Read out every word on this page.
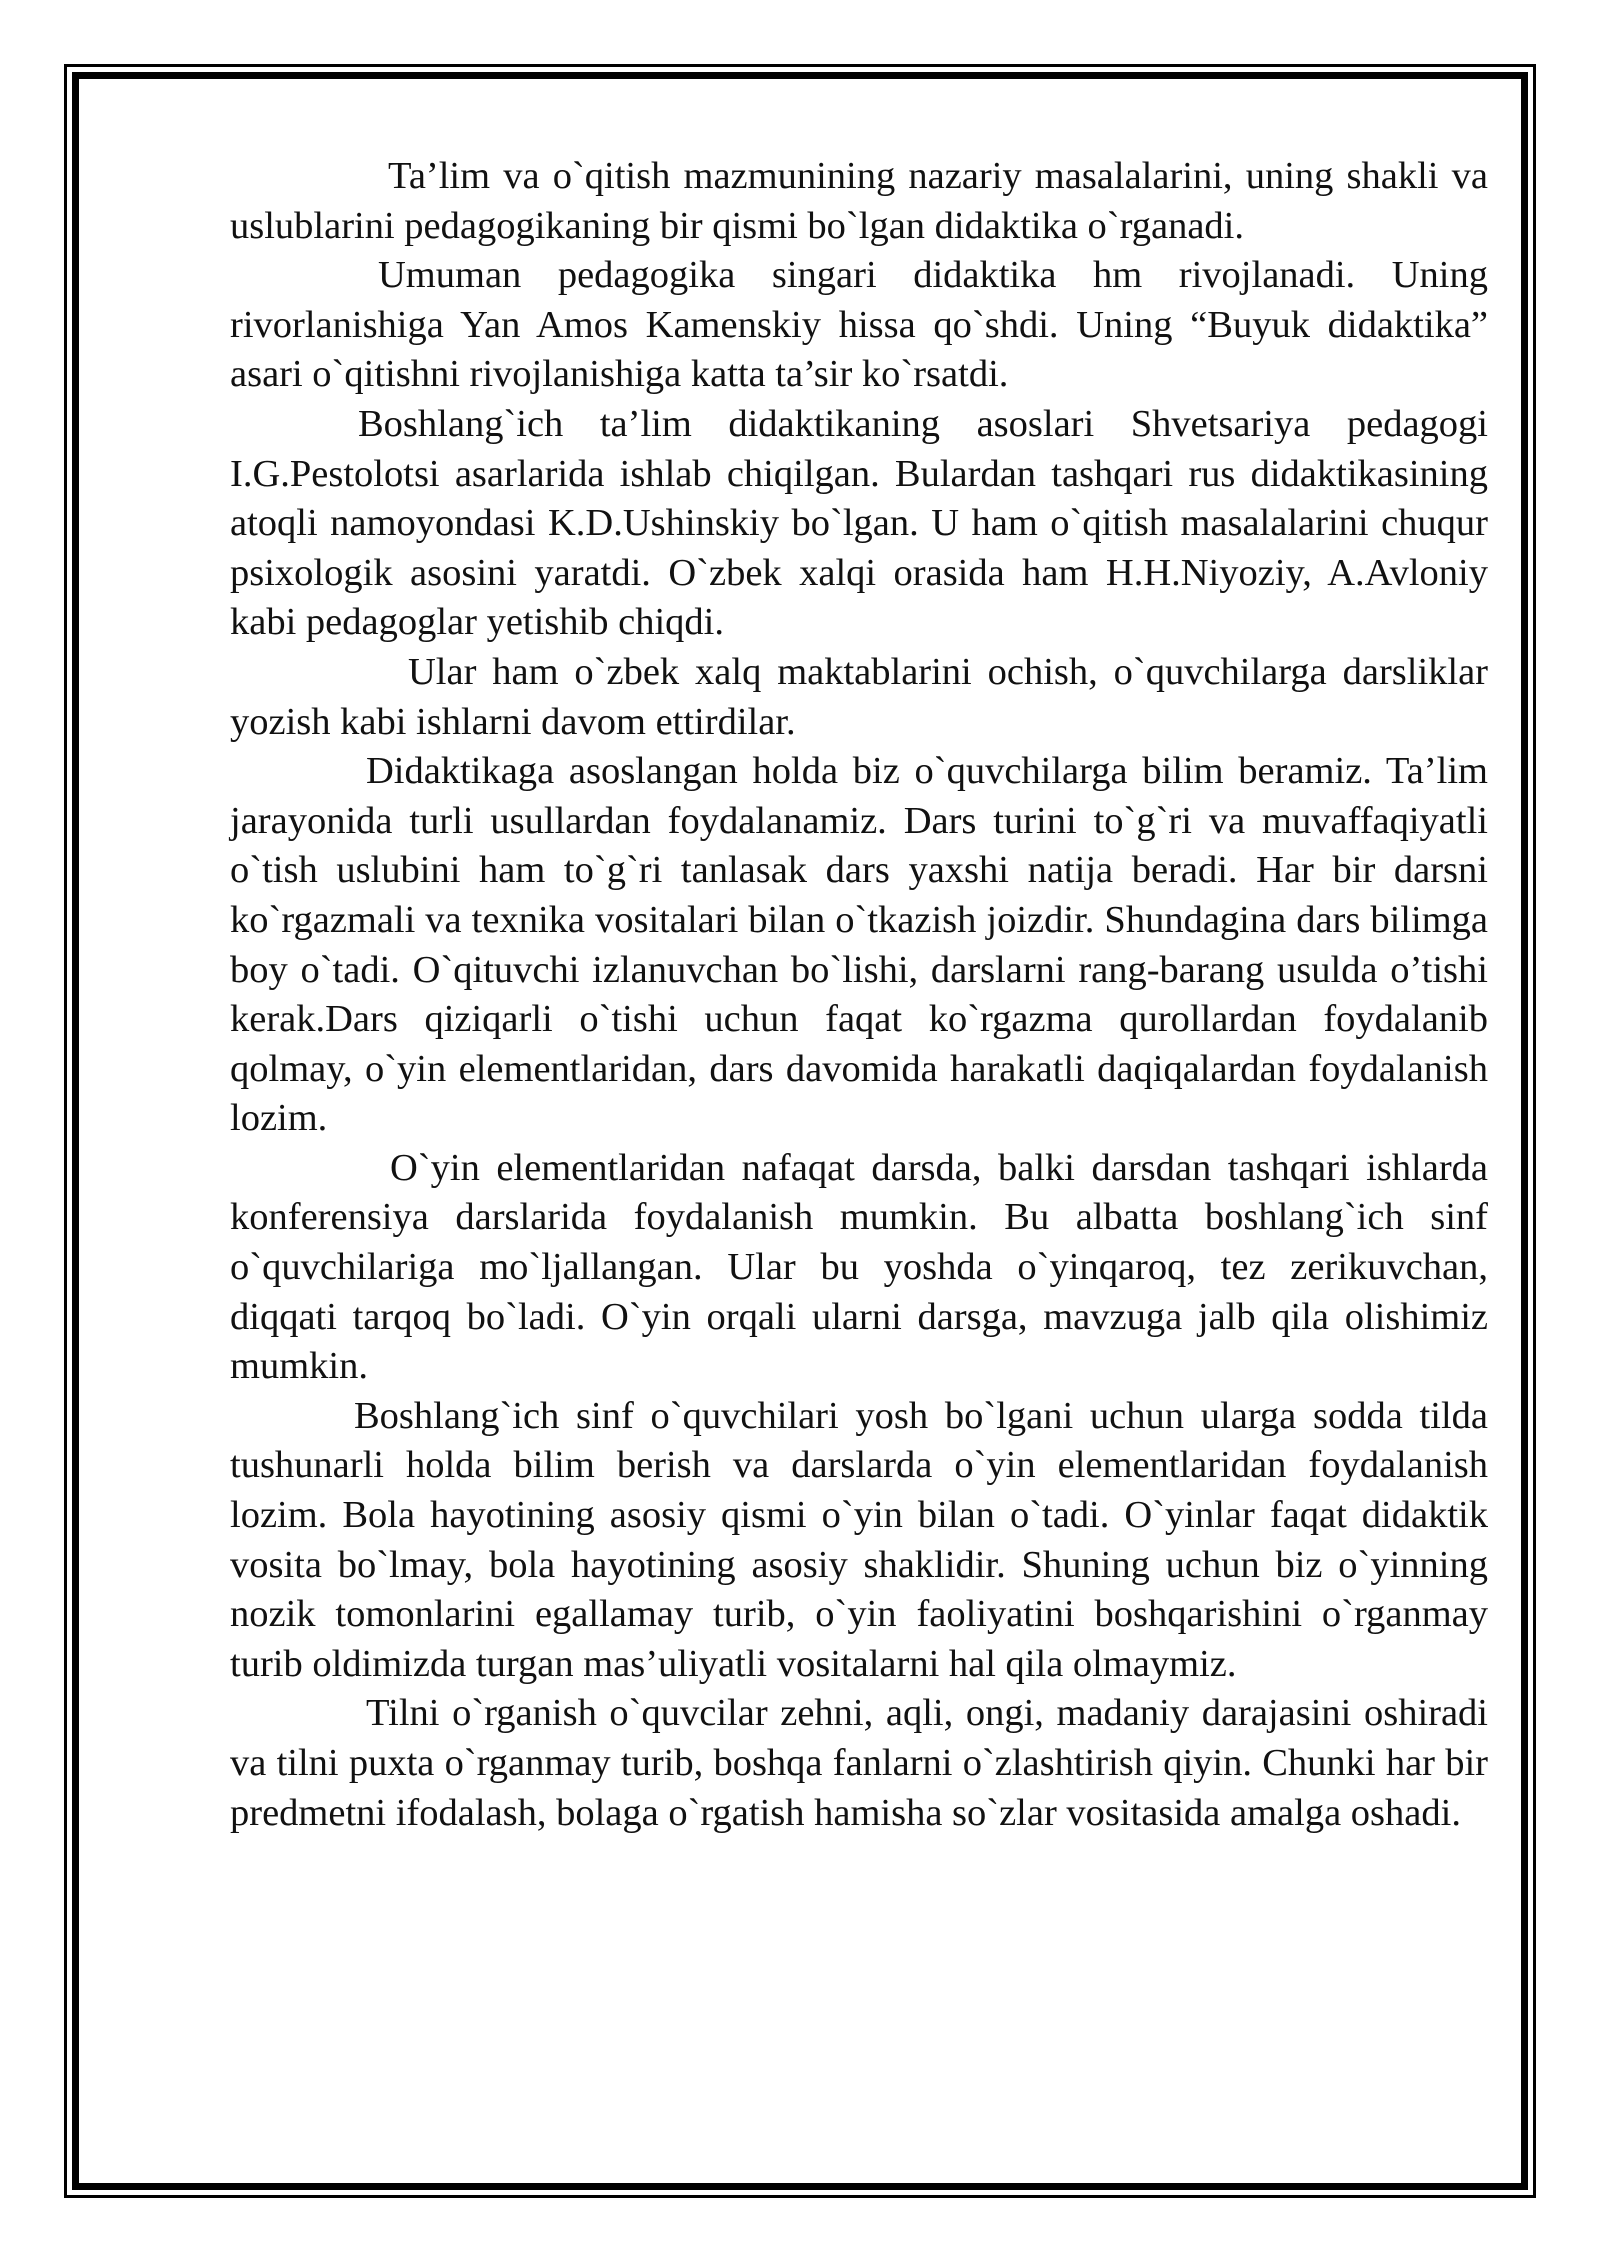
Ta’lim va o`qitish mazmunining nazariy masalalarini, uning shakli va uslublarini pedagogikaning bir qismi bo`lgan didaktika o`rganadi.

Umuman pedagogika singari didaktika hm rivojlanadi. Uning rivorlanishiga Yan Amos Kamenskiy hissa qo`shdi. Uning “Buyuk didaktika” asari o`qitishni rivojlanishiga katta ta’sir ko`rsatdi.

Boshlang`ich ta’lim didaktikaning asoslari Shvetsariya pedagogi I.G.Pestolotsi asarlarida ishlab chiqilgan. Bulardan tashqari rus didaktikasining atoqli namoyondasi K.D.Ushinskiy bo`lgan. U ham o`qitish masalalarini chuqur psixologik asosini yaratdi. O`zbek xalqi orasida ham H.H.Niyoziy, A.Avloniy kabi pedagoglar yetishib chiqdi.

Ular ham o`zbek xalq maktablarini ochish, o`quvchilarga darsliklar yozish kabi ishlarni davom ettirdilar.

Didaktikaga asoslangan holda biz o`quvchilarga bilim beramiz. Ta’lim jarayonida turli usullardan foydalanamiz. Dars turini to`g`ri va muvaffaqiyatli o`tish uslubini ham to`g`ri tanlasak dars yaxshi natija beradi. Har bir darsni ko`rgazmali va texnika vositalari bilan o`tkazish joizdir. Shundagina dars bilimga boy o`tadi. O`qituvchi izlanuvchan bo`lishi, darslarni rang-barang usulda o’tishi kerak.Dars qiziqarli o`tishi uchun faqat ko`rgazma qurollardan foydalanib qolmay, o`yin elementlaridan, dars davomida harakatli daqiqalardan foydalanish lozim.

O`yin elementlaridan nafaqat darsda, balki darsdan tashqari ishlarda konferensiya darslarida foydalanish mumkin. Bu albatta boshlang`ich sinf o`quvchilariga mo`ljallangan. Ular bu yoshda o`yinqaroq, tez zerikuvchan, diqqati tarqoq bo`ladi. O`yin orqali ularni darsga, mavzuga jalb qila olishimiz mumkin.

Boshlang`ich sinf o`quvchilari yosh bo`lgani uchun ularga sodda tilda tushunarli holda bilim berish va darslarda o`yin elementlaridan foydalanish lozim. Bola hayotining asosiy qismi o`yin bilan o`tadi. O`yinlar faqat didaktik vosita bo`lmay, bola hayotining asosiy shaklidir. Shuning uchun biz o`yinning nozik tomonlarini egallamay turib, o`yin faoliyatini boshqarishini o`rganmay turib oldimizda turgan mas’uliyatli vositalarni hal qila olmaymiz.

Tilni o`rganish o`quvcilar zehni, aqli, ongi, madaniy darajasini oshiradi va tilni puxta o`rganmay turib, boshqa fanlarni o`zlashtirish qiyin. Chunki har bir predmetni ifodalash, bolaga o`rgatish hamisha so`zlar vositasida amalga oshadi.
